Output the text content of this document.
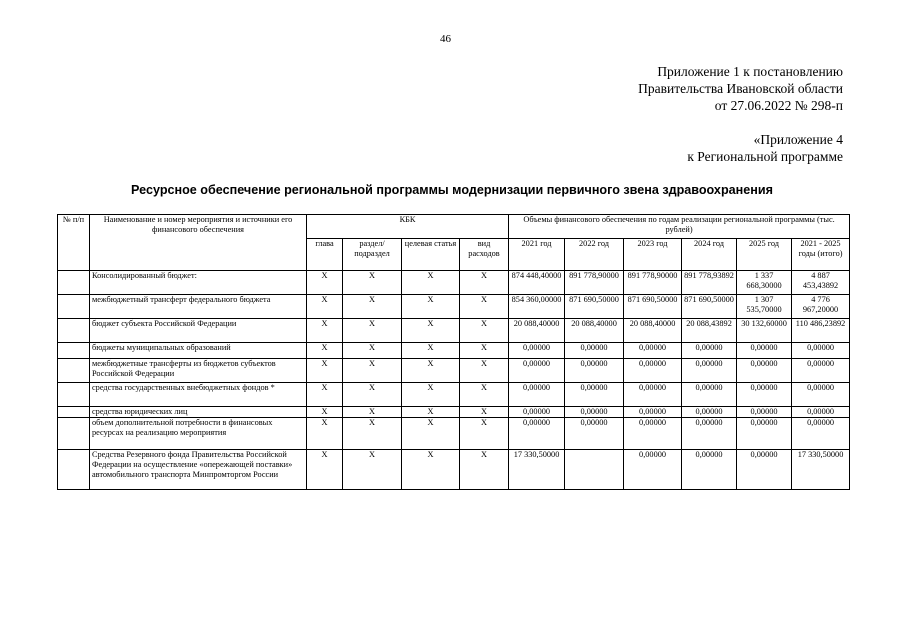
46
Приложение 1 к постановлению
Правительства Ивановской области
от 27.06.2022 № 298-п
«Приложение 4
к Региональной программе
Ресурсное обеспечение региональной программы модернизации первичного звена здравоохранения
№ п/п	Наименование и номер мероприятия и источники его финансового обеспечения	КБК				Объемы финансового обеспечения по годам реализации региональной программы (тыс. рублей)					
		глава	раздел/ подраздел	целевая статья	вид расходов	2021 год	2022 год	2023 год	2024 год	2025 год	2021 - 2025 годы (итого)
	Консолидированный бюджет:	X	X	X	X	874 448,40000	891 778,90000	891 778,90000	891 778,93892	1 337 668,30000	4 887 453,43892
	межбюджетный трансферт федерального бюджета	X	X	X	X	854 360,00000	871 690,50000	871 690,50000	871 690,50000	1 307 535,70000	4 776 967,20000
	бюджет субъекта Российской Федерации	X	X	X	X	20 088,40000	20 088,40000	20 088,40000	20 088,43892	30 132,60000	110 486,23892
	бюджеты муниципальных образований	X	X	X	X	0,00000	0,00000	0,00000	0,00000	0,00000	0,00000
	межбюджетные трансферты из бюджетов субъектов Российской Федерации	X	X	X	X	0,00000	0,00000	0,00000	0,00000	0,00000	0,00000
	средства государственных внебюджетных фондов *	X	X	X	X	0,00000	0,00000	0,00000	0,00000	0,00000	0,00000
	средства юридических лиц	X	X	X	X	0,00000	0,00000	0,00000	0,00000	0,00000	0,00000
	объем дополнительной потребности в финансовых ресурсах на реализацию мероприятия	X	X	X	X	0,00000	0,00000	0,00000	0,00000	0,00000	0,00000
	Средства Резервного фонда Правительства Российской Федерации на осуществление «опережающей поставки» автомобильного транспорта Минпромторгом России	X	X	X	X	17 330,50000		0,00000	0,00000	0,00000	17 330,50000
